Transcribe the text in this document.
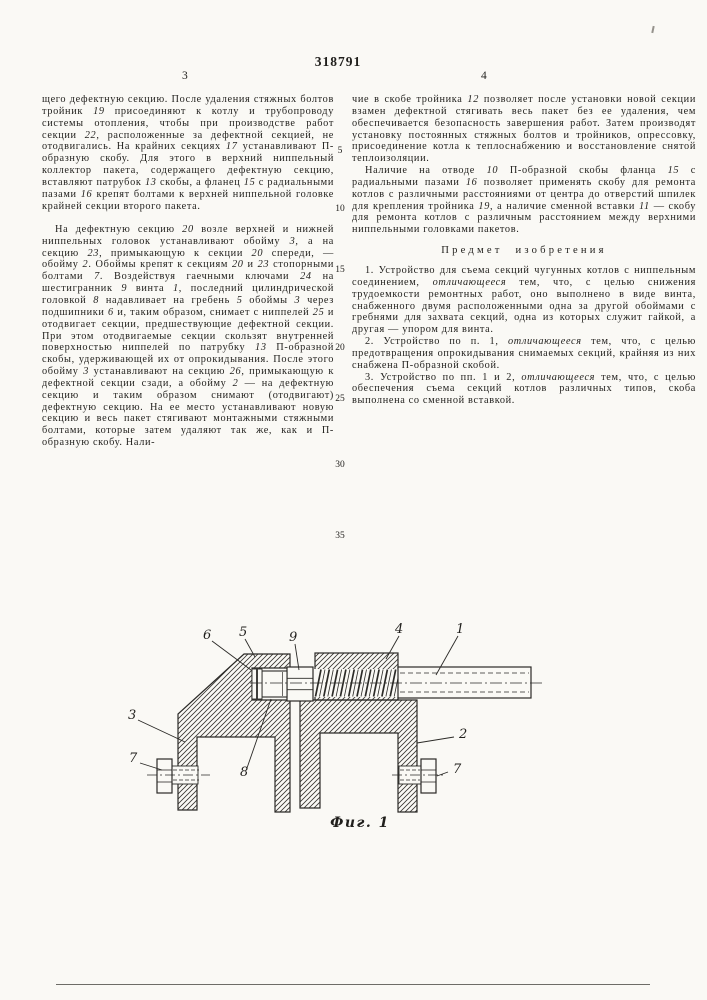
318791
3	4

щего дефектную секцию. После удаления стяжных болтов тройник 19 присоединяют к котлу и трубопроводу системы отопления, чтобы при производстве работ секции 22, расположенные за дефектной секцией, не отодвигались. На крайних секциях 17 устанавливают П-образную скобу. Для этого в верхний ниппельный коллектор пакета, содержащего дефектную секцию, вставляют патрубок 13 скобы, а фланец 15 с радиальными пазами 16 крепят болтами к верхней ниппельной головке крайней секции второго пакета.

На дефектную секцию 20 возле верхней и нижней ниппельных головок устанавливают обойму 3, а на секцию 23, примыкающую к секции 20 спереди, — обойму 2. Обоймы крепят к секциям 20 и 23 стопорными болтами 7. Воздействуя гаечными ключами 24 на шестигранник 9 винта 1, последний цилиндрической головкой 8 надавливает на гребень 5 обоймы 3 через подшипники 6 и, таким образом, снимает с ниппелей 25 и отодвигает секции, предшествующие дефектной секции. При этом отодвигаемые секции скользят внутренней поверхностью ниппелей по патрубку 13 П-образной скобы, удерживающей их от опрокидывания. После этого обойму 3 устанавливают на секцию 26, примыкающую к дефектной секции сзади, а обойму 2 — на дефектную секцию и таким образом снимают (отодвигают) дефектную секцию. На ее место устанавливают новую секцию и весь пакет стягивают монтажными стяжными болтами, которые затем удаляют так же, как и П-образную скобу. Нали-

чие в скобе тройника 12 позволяет после установки новой секции взамен дефектной стягивать весь пакет без ее удаления, чем обеспечивается безопасность завершения работ. Затем производят установку постоянных стяжных болтов и тройников, опрессовку, присоединение котла к теплоснабжению и восстановление снятой теплоизоляции.

Наличие на отводе 10 П-образной скобы фланца 15 с радиальными пазами 16 позволяет применять скобу для ремонта котлов с различными расстояниями от центра до отверстий шпилек для крепления тройника 19, а наличие сменной вставки 11 — скобу для ремонта котлов с различным расстоянием между верхними ниппельными головками пакетов.

Предмет изобретения

1. Устройство для съема секций чугунных котлов с ниппельным соединением, отличающееся тем, что, с целью снижения трудоемкости ремонтных работ, оно выполнено в виде винта, снабженного двумя расположенными одна за другой обоймами с гребнями для захвата секций, одна из которых служит гайкой, а другая — упором для винта.

2. Устройство по п. 1, отличающееся тем, что, с целью предотвращения опрокидывания снимаемых секций, крайняя из них снабжена П-образной скобой.

3. Устройство по пп. 1 и 2, отличающееся тем, что, с целью обеспечения съема секций котлов различных типов, скоба выполнена со сменной вставкой.

5
10
15
20
25
30
35
6 5	9
4	1
3
7
8
2
7
Фиг. 1
